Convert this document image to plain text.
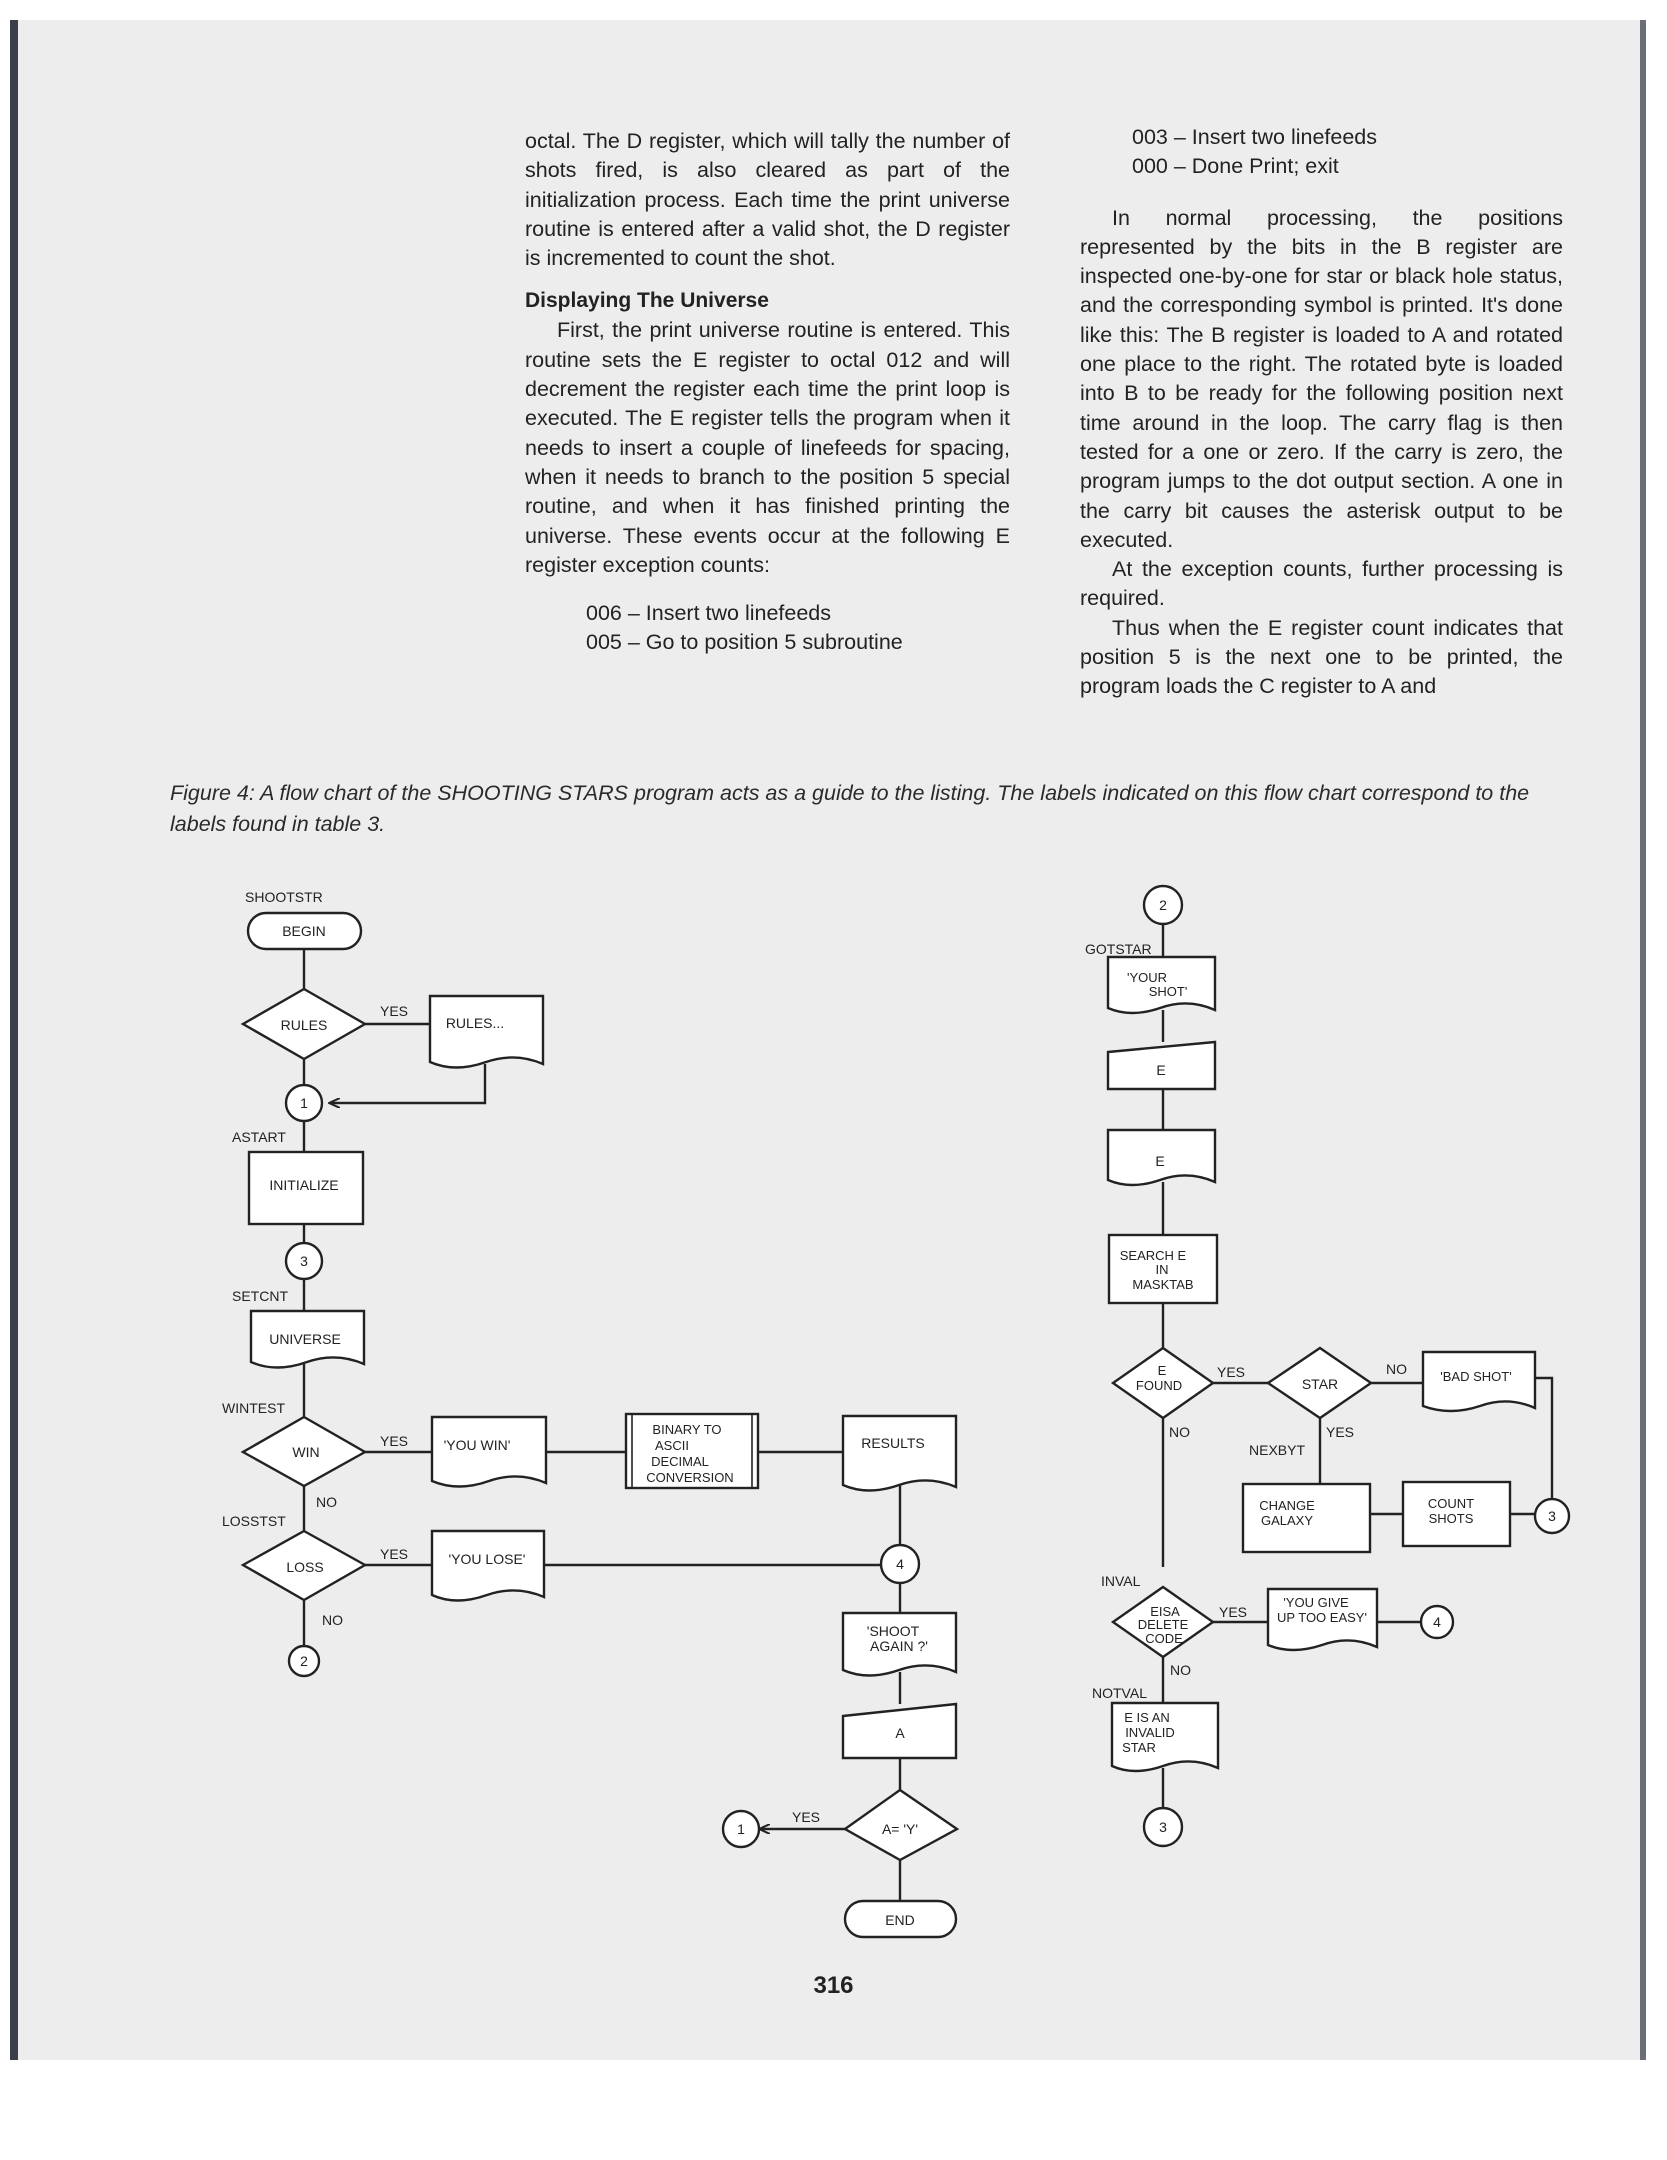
octal. The D register, which will tally the number of shots fired, is also cleared as part of the initialization process. Each time the print universe routine is entered after a valid shot, the D register is incremented to count the shot.

Displaying The Universe

First, the print universe routine is entered. This routine sets the E register to octal 012 and will decrement the register each time the print loop is executed. The E register tells the program when it needs to insert a couple of linefeeds for spacing, when it needs to branch to the position 5 special routine, and when it has finished printing the universe. These events occur at the following E register exception counts:

006 – Insert two linefeeds
005 – Go to position 5 subroutine
003 – Insert two linefeeds
000 – Done Print; exit

In normal processing, the positions represented by the bits in the B register are inspected one-by-one for star or black hole status, and the corresponding symbol is printed. It's done like this: The B register is loaded to A and rotated one place to the right. The rotated byte is loaded into B to be ready for the following position next time around in the loop. The carry flag is then tested for a one or zero. If the carry is zero, the program jumps to the dot output section. A one in the carry bit causes the asterisk output to be executed.

At the exception counts, further processing is required.

Thus when the E register count indicates that position 5 is the next one to be printed, the program loads the C register to A and

Figure 4: A flow chart of the SHOOTING STARS program acts as a guide to the listing. The labels indicated on this flow chart correspond to the labels found in table 3.
BEGIN
RULES	RULES...
INITIALIZE
UNIVERSE
WIN	'YOU WIN'
BINARY TO
ASCII
DECIMAL
CONVERSION
RESULTS
LOSS	'YOU LOSE'
'SHOOT
AGAIN ?'
A
A= 'Y'
END
'YOUR
SHOT'
E
E
SEARCH E
IN
MASKTAB
E
FOUND	STAR	'BAD SHOT'
CHANGE
GALAXY
COUNT
SHOTS
EISA
DELETE
CODE
'YOU GIVE
UP TOO EASY'
E IS AN
INVALID
STAR
1
3
2
4
1
2
3
4
3
SHOOTSTR
ASTART
SETCNT
WINTEST
LOSSTST
GOTSTAR
NEXBYT
INVAL
NOTVAL
YES
YES
NO
YES
NO
YES
YES	NO
NO	YES
YES
NO
316
